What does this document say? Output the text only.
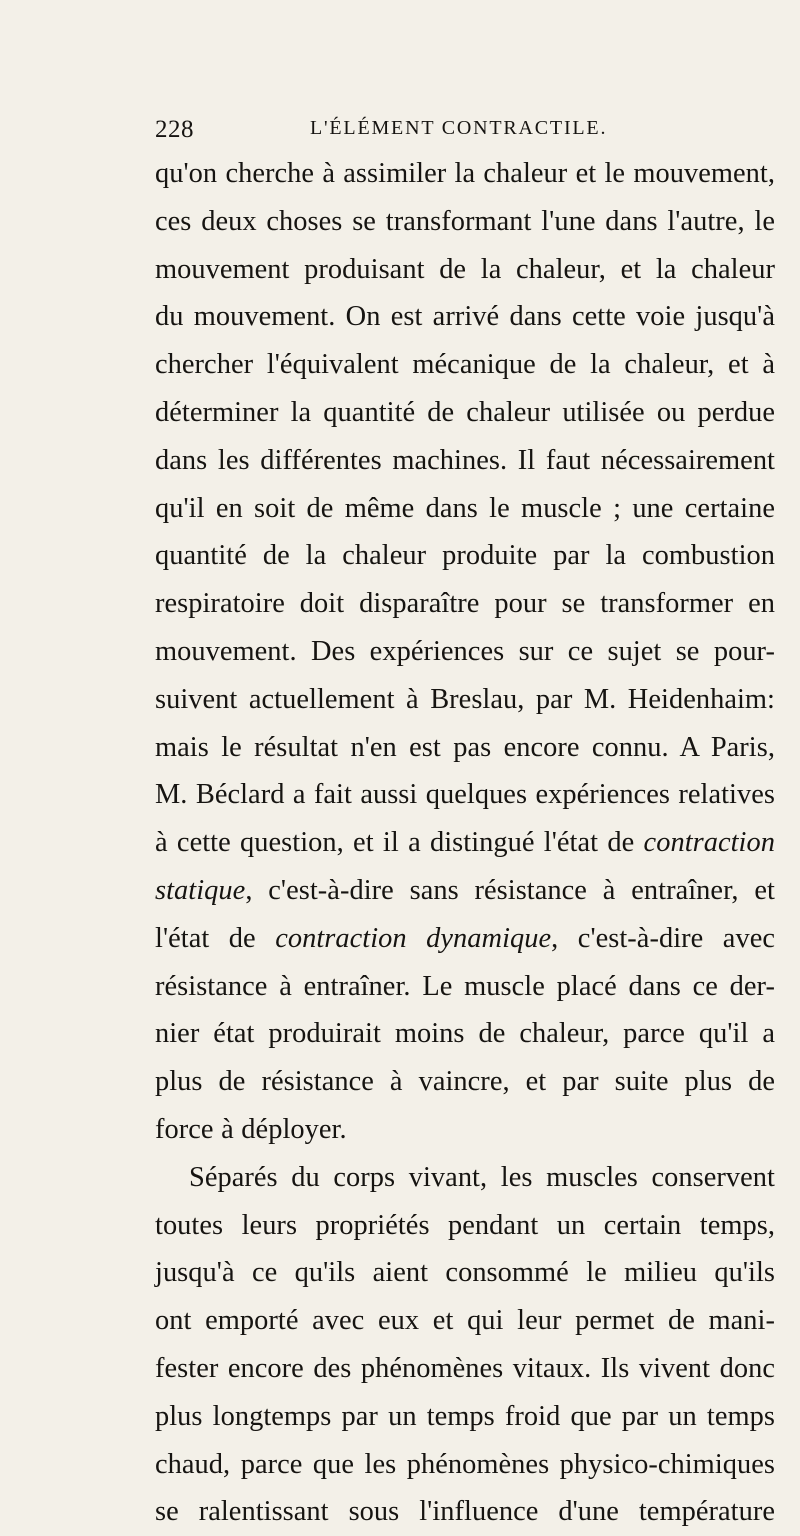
228	L'ÉLÉMENT CONTRACTILE.
qu'on cherche à assimiler la chaleur et le mouvement,
ces deux choses se transformant l'une dans l'autre, le
mouvement produisant de la chaleur, et la chaleur
du mouvement. On est arrivé dans cette voie jusqu'à
chercher l'équivalent mécanique de la chaleur, et à
déterminer la quantité de chaleur utilisée ou perdue
dans les différentes machines. Il faut nécessairement
qu'il en soit de même dans le muscle ; une certaine
quantité de la chaleur produite par la combustion
respiratoire doit disparaître pour se transformer en
mouvement. Des expériences sur ce sujet se pour-
suivent actuellement à Breslau, par M. Heidenhaim:
mais le résultat n'en est pas encore connu. A Paris,
M. Béclard a fait aussi quelques expériences relatives
à cette question, et il a distingué l'état de contraction
statique, c'est-à-dire sans résistance à entraîner, et
l'état de contraction dynamique, c'est-à-dire avec
résistance à entraîner. Le muscle placé dans ce der-
nier état produirait moins de chaleur, parce qu'il a
plus de résistance à vaincre, et par suite plus de
force à déployer.
Séparés du corps vivant, les muscles conservent
toutes leurs propriétés pendant un certain temps,
jusqu'à ce qu'ils aient consommé le milieu qu'ils
ont emporté avec eux et qui leur permet de mani-
fester encore des phénomènes vitaux. Ils vivent donc
plus longtemps par un temps froid que par un temps
chaud, parce que les phénomènes physico-chimiques
se ralentissant sous l'influence d'une température
